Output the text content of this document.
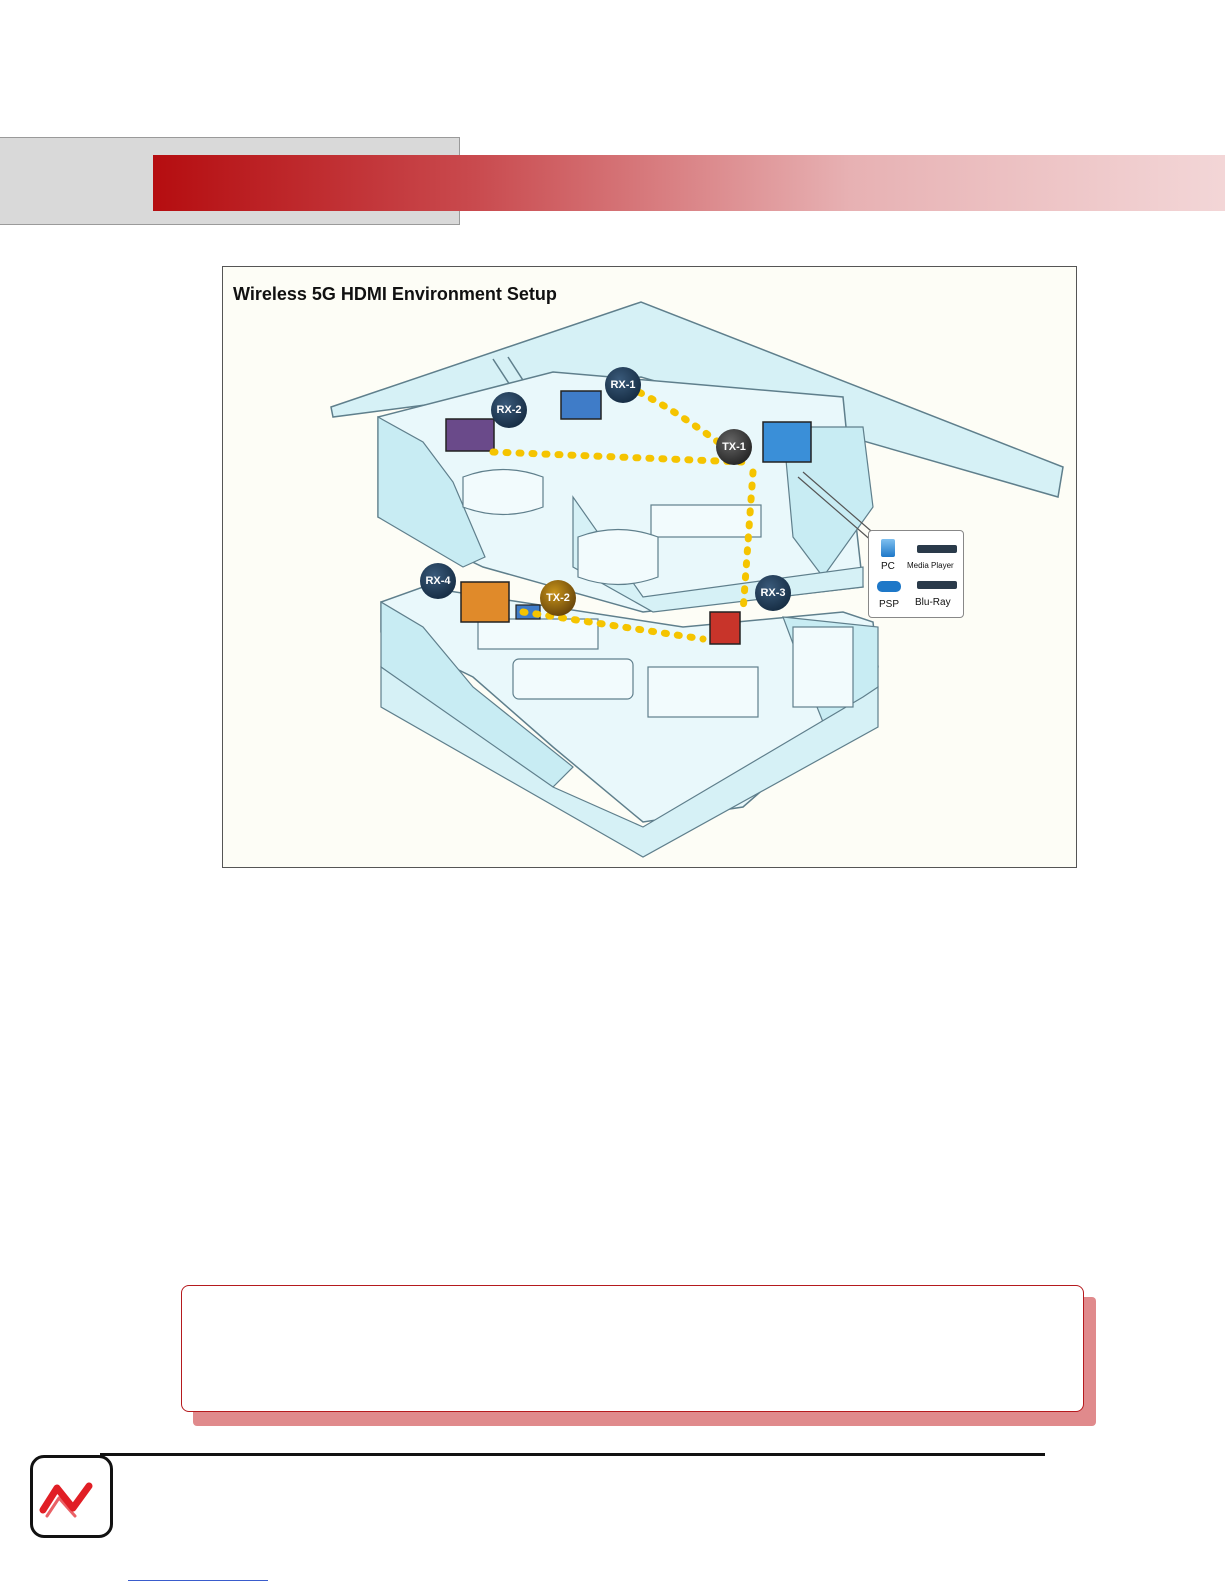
Wireless 5G HDMI Environment Setup
RX-1
RX-2
TX-1
RX-3
RX-4
TX-2
PC Media Player
PSP Blu-Ray
